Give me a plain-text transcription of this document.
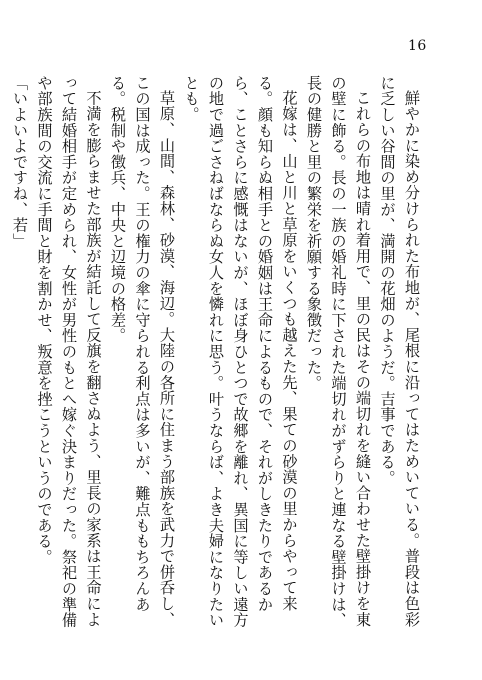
16

鮮やかに染め分けられた布地が、尾根に沿ってはためいている。普段は色彩に乏しい谷間の里が、満開の花畑のようだ。吉事である。

これらの布地は晴れ着用で、里の民はその端切れを縫い合わせた壁掛けを東の壁に飾る。長の一族の婚礼時に下された端切れがずらりと連なる壁掛けは、長の健勝と里の繁栄を祈願する象徴だった。

花嫁は、山と川と草原をいくつも越えた先、果ての砂漠の里からやって来る。顔も知らぬ相手との婚姻は王命によるもので、それがしきたりであるから、ことさらに感慨はないが、ほぼ身ひとつで故郷を離れ、異国に等しい遠方の地で過ごさねばならぬ女人を憐れに思う。叶うならば、よき夫婦になりたいとも。

草原、山間、森林、砂漠、海辺。大陸の各所に住まう部族を武力で併呑し、この国は成った。王の権力の傘に守られる利点は多いが、難点ももちろんある。税制や徴兵、中央と辺境の格差。

不満を膨らませた部族が結託して反旗を翻さぬよう、里長の家系は王命によって結婚相手が定められ、女性が男性のもとへ嫁ぐ決まりだった。祭祀の準備や部族間の交流に手間と財を割かせ、叛意を挫こうというのである。

「いよいよですね、若」
